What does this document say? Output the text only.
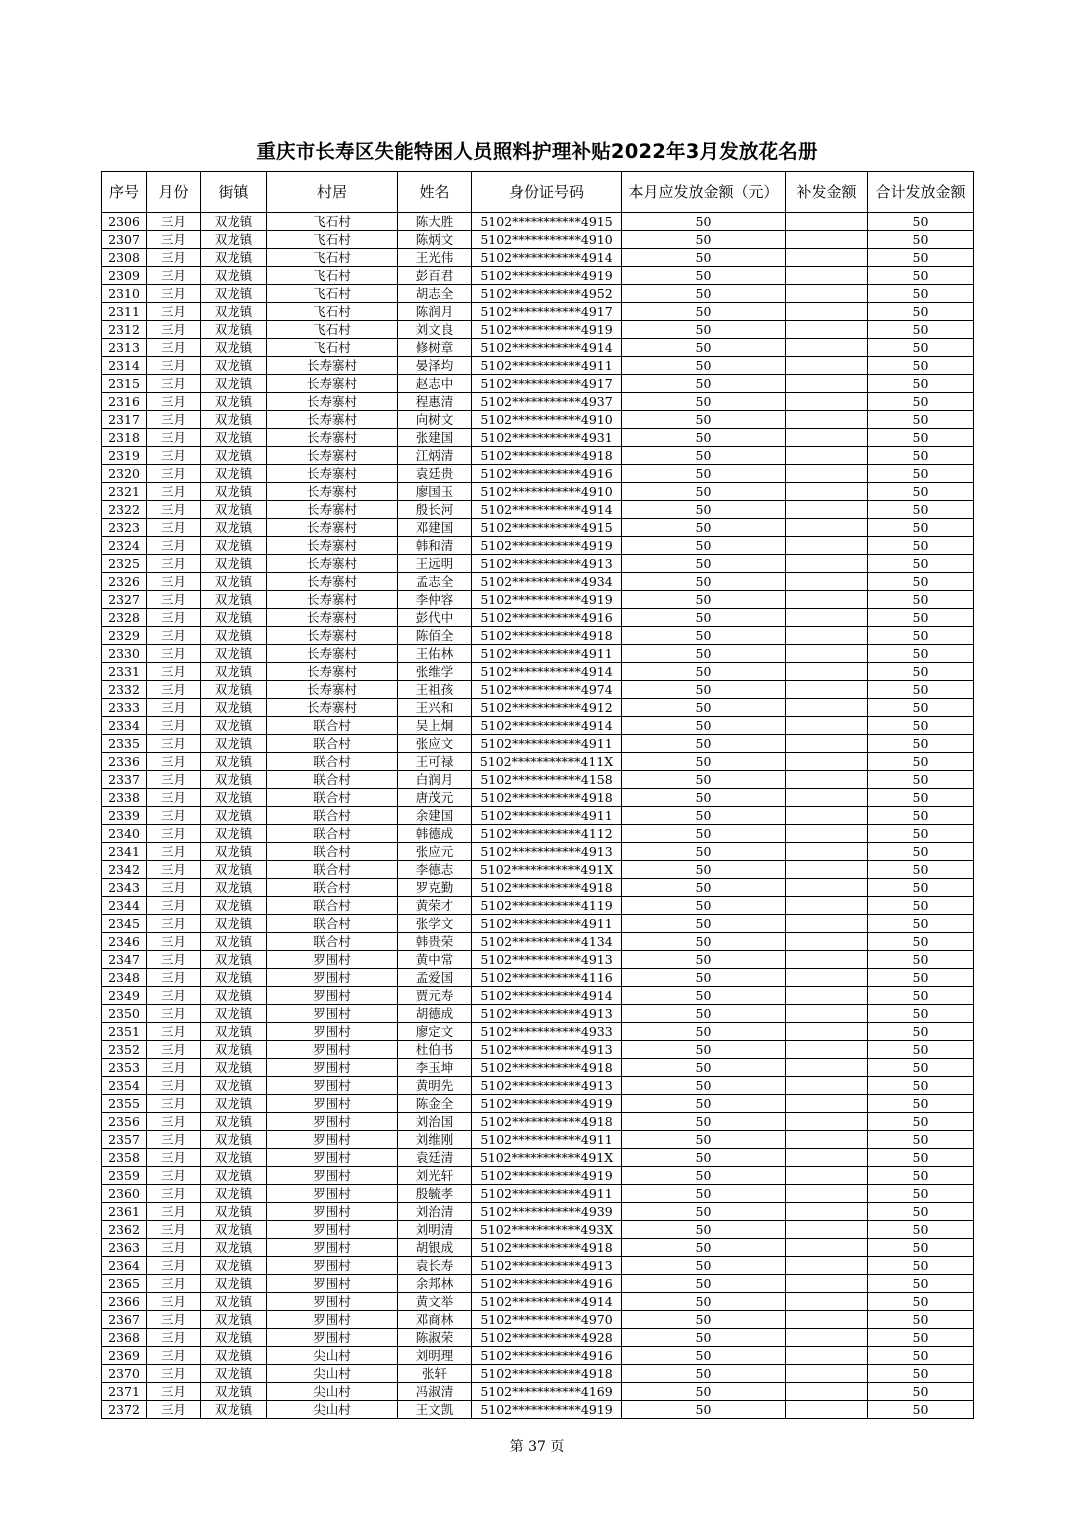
重庆市长寿区失能特困人员照料护理补贴2022年3月发放花名册
序号	月份	街镇	村居	姓名	身份证号码	本月应发放金额（元）	补发金额	合计发放金额
2306	三月	双龙镇	飞石村	陈大胜	5102***********4915	50		50
2307	三月	双龙镇	飞石村	陈炳文	5102***********4910	50		50
2308	三月	双龙镇	飞石村	王光伟	5102***********4914	50		50
2309	三月	双龙镇	飞石村	彭百君	5102***********4919	50		50
2310	三月	双龙镇	飞石村	胡志全	5102***********4952	50		50
2311	三月	双龙镇	飞石村	陈润月	5102***********4917	50		50
2312	三月	双龙镇	飞石村	刘文良	5102***********4919	50		50
2313	三月	双龙镇	飞石村	修树章	5102***********4914	50		50
2314	三月	双龙镇	长寿寨村	晏泽均	5102***********4911	50		50
2315	三月	双龙镇	长寿寨村	赵志中	5102***********4917	50		50
2316	三月	双龙镇	长寿寨村	程惠清	5102***********4937	50		50
2317	三月	双龙镇	长寿寨村	向树文	5102***********4910	50		50
2318	三月	双龙镇	长寿寨村	张建国	5102***********4931	50		50
2319	三月	双龙镇	长寿寨村	江炳清	5102***********4918	50		50
2320	三月	双龙镇	长寿寨村	袁廷贵	5102***********4916	50		50
2321	三月	双龙镇	长寿寨村	廖国玉	5102***********4910	50		50
2322	三月	双龙镇	长寿寨村	殷长河	5102***********4914	50		50
2323	三月	双龙镇	长寿寨村	邓建国	5102***********4915	50		50
2324	三月	双龙镇	长寿寨村	韩和清	5102***********4919	50		50
2325	三月	双龙镇	长寿寨村	王远明	5102***********4913	50		50
2326	三月	双龙镇	长寿寨村	孟志全	5102***********4934	50		50
2327	三月	双龙镇	长寿寨村	李仲容	5102***********4919	50		50
2328	三月	双龙镇	长寿寨村	彭代中	5102***********4916	50		50
2329	三月	双龙镇	长寿寨村	陈佰全	5102***********4918	50		50
2330	三月	双龙镇	长寿寨村	王佑林	5102***********4911	50		50
2331	三月	双龙镇	长寿寨村	张维学	5102***********4914	50		50
2332	三月	双龙镇	长寿寨村	王祖孩	5102***********4974	50		50
2333	三月	双龙镇	长寿寨村	王兴和	5102***********4912	50		50
2334	三月	双龙镇	联合村	吴上炯	5102***********4914	50		50
2335	三月	双龙镇	联合村	张应文	5102***********4911	50		50
2336	三月	双龙镇	联合村	王可禄	5102***********411X	50		50
2337	三月	双龙镇	联合村	白润月	5102***********4158	50		50
2338	三月	双龙镇	联合村	唐茂元	5102***********4918	50		50
2339	三月	双龙镇	联合村	余建国	5102***********4911	50		50
2340	三月	双龙镇	联合村	韩德成	5102***********4112	50		50
2341	三月	双龙镇	联合村	张应元	5102***********4913	50		50
2342	三月	双龙镇	联合村	李德志	5102***********491X	50		50
2343	三月	双龙镇	联合村	罗克勤	5102***********4918	50		50
2344	三月	双龙镇	联合村	黄荣才	5102***********4119	50		50
2345	三月	双龙镇	联合村	张学文	5102***********4911	50		50
2346	三月	双龙镇	联合村	韩贵荣	5102***********4134	50		50
2347	三月	双龙镇	罗围村	黄中常	5102***********4913	50		50
2348	三月	双龙镇	罗围村	孟爱国	5102***********4116	50		50
2349	三月	双龙镇	罗围村	贾元寿	5102***********4914	50		50
2350	三月	双龙镇	罗围村	胡德成	5102***********4913	50		50
2351	三月	双龙镇	罗围村	廖定文	5102***********4933	50		50
2352	三月	双龙镇	罗围村	杜伯书	5102***********4913	50		50
2353	三月	双龙镇	罗围村	李玉坤	5102***********4918	50		50
2354	三月	双龙镇	罗围村	黄明先	5102***********4913	50		50
2355	三月	双龙镇	罗围村	陈金全	5102***********4919	50		50
2356	三月	双龙镇	罗围村	刘治国	5102***********4918	50		50
2357	三月	双龙镇	罗围村	刘维刚	5102***********4911	50		50
2358	三月	双龙镇	罗围村	袁廷清	5102***********491X	50		50
2359	三月	双龙镇	罗围村	刘光轩	5102***********4919	50		50
2360	三月	双龙镇	罗围村	殷毓孝	5102***********4911	50		50
2361	三月	双龙镇	罗围村	刘治清	5102***********4939	50		50
2362	三月	双龙镇	罗围村	刘明清	5102***********493X	50		50
2363	三月	双龙镇	罗围村	胡银成	5102***********4918	50		50
2364	三月	双龙镇	罗围村	袁长寿	5102***********4913	50		50
2365	三月	双龙镇	罗围村	余邦林	5102***********4916	50		50
2366	三月	双龙镇	罗围村	黄文举	5102***********4914	50		50
2367	三月	双龙镇	罗围村	邓商林	5102***********4970	50		50
2368	三月	双龙镇	罗围村	陈淑荣	5102***********4928	50		50
2369	三月	双龙镇	尖山村	刘明理	5102***********4916	50		50
2370	三月	双龙镇	尖山村	张轩	5102***********4918	50		50
2371	三月	双龙镇	尖山村	冯淑清	5102***********4169	50		50
2372	三月	双龙镇	尖山村	王文凯	5102***********4919	50		50
第 37 页
